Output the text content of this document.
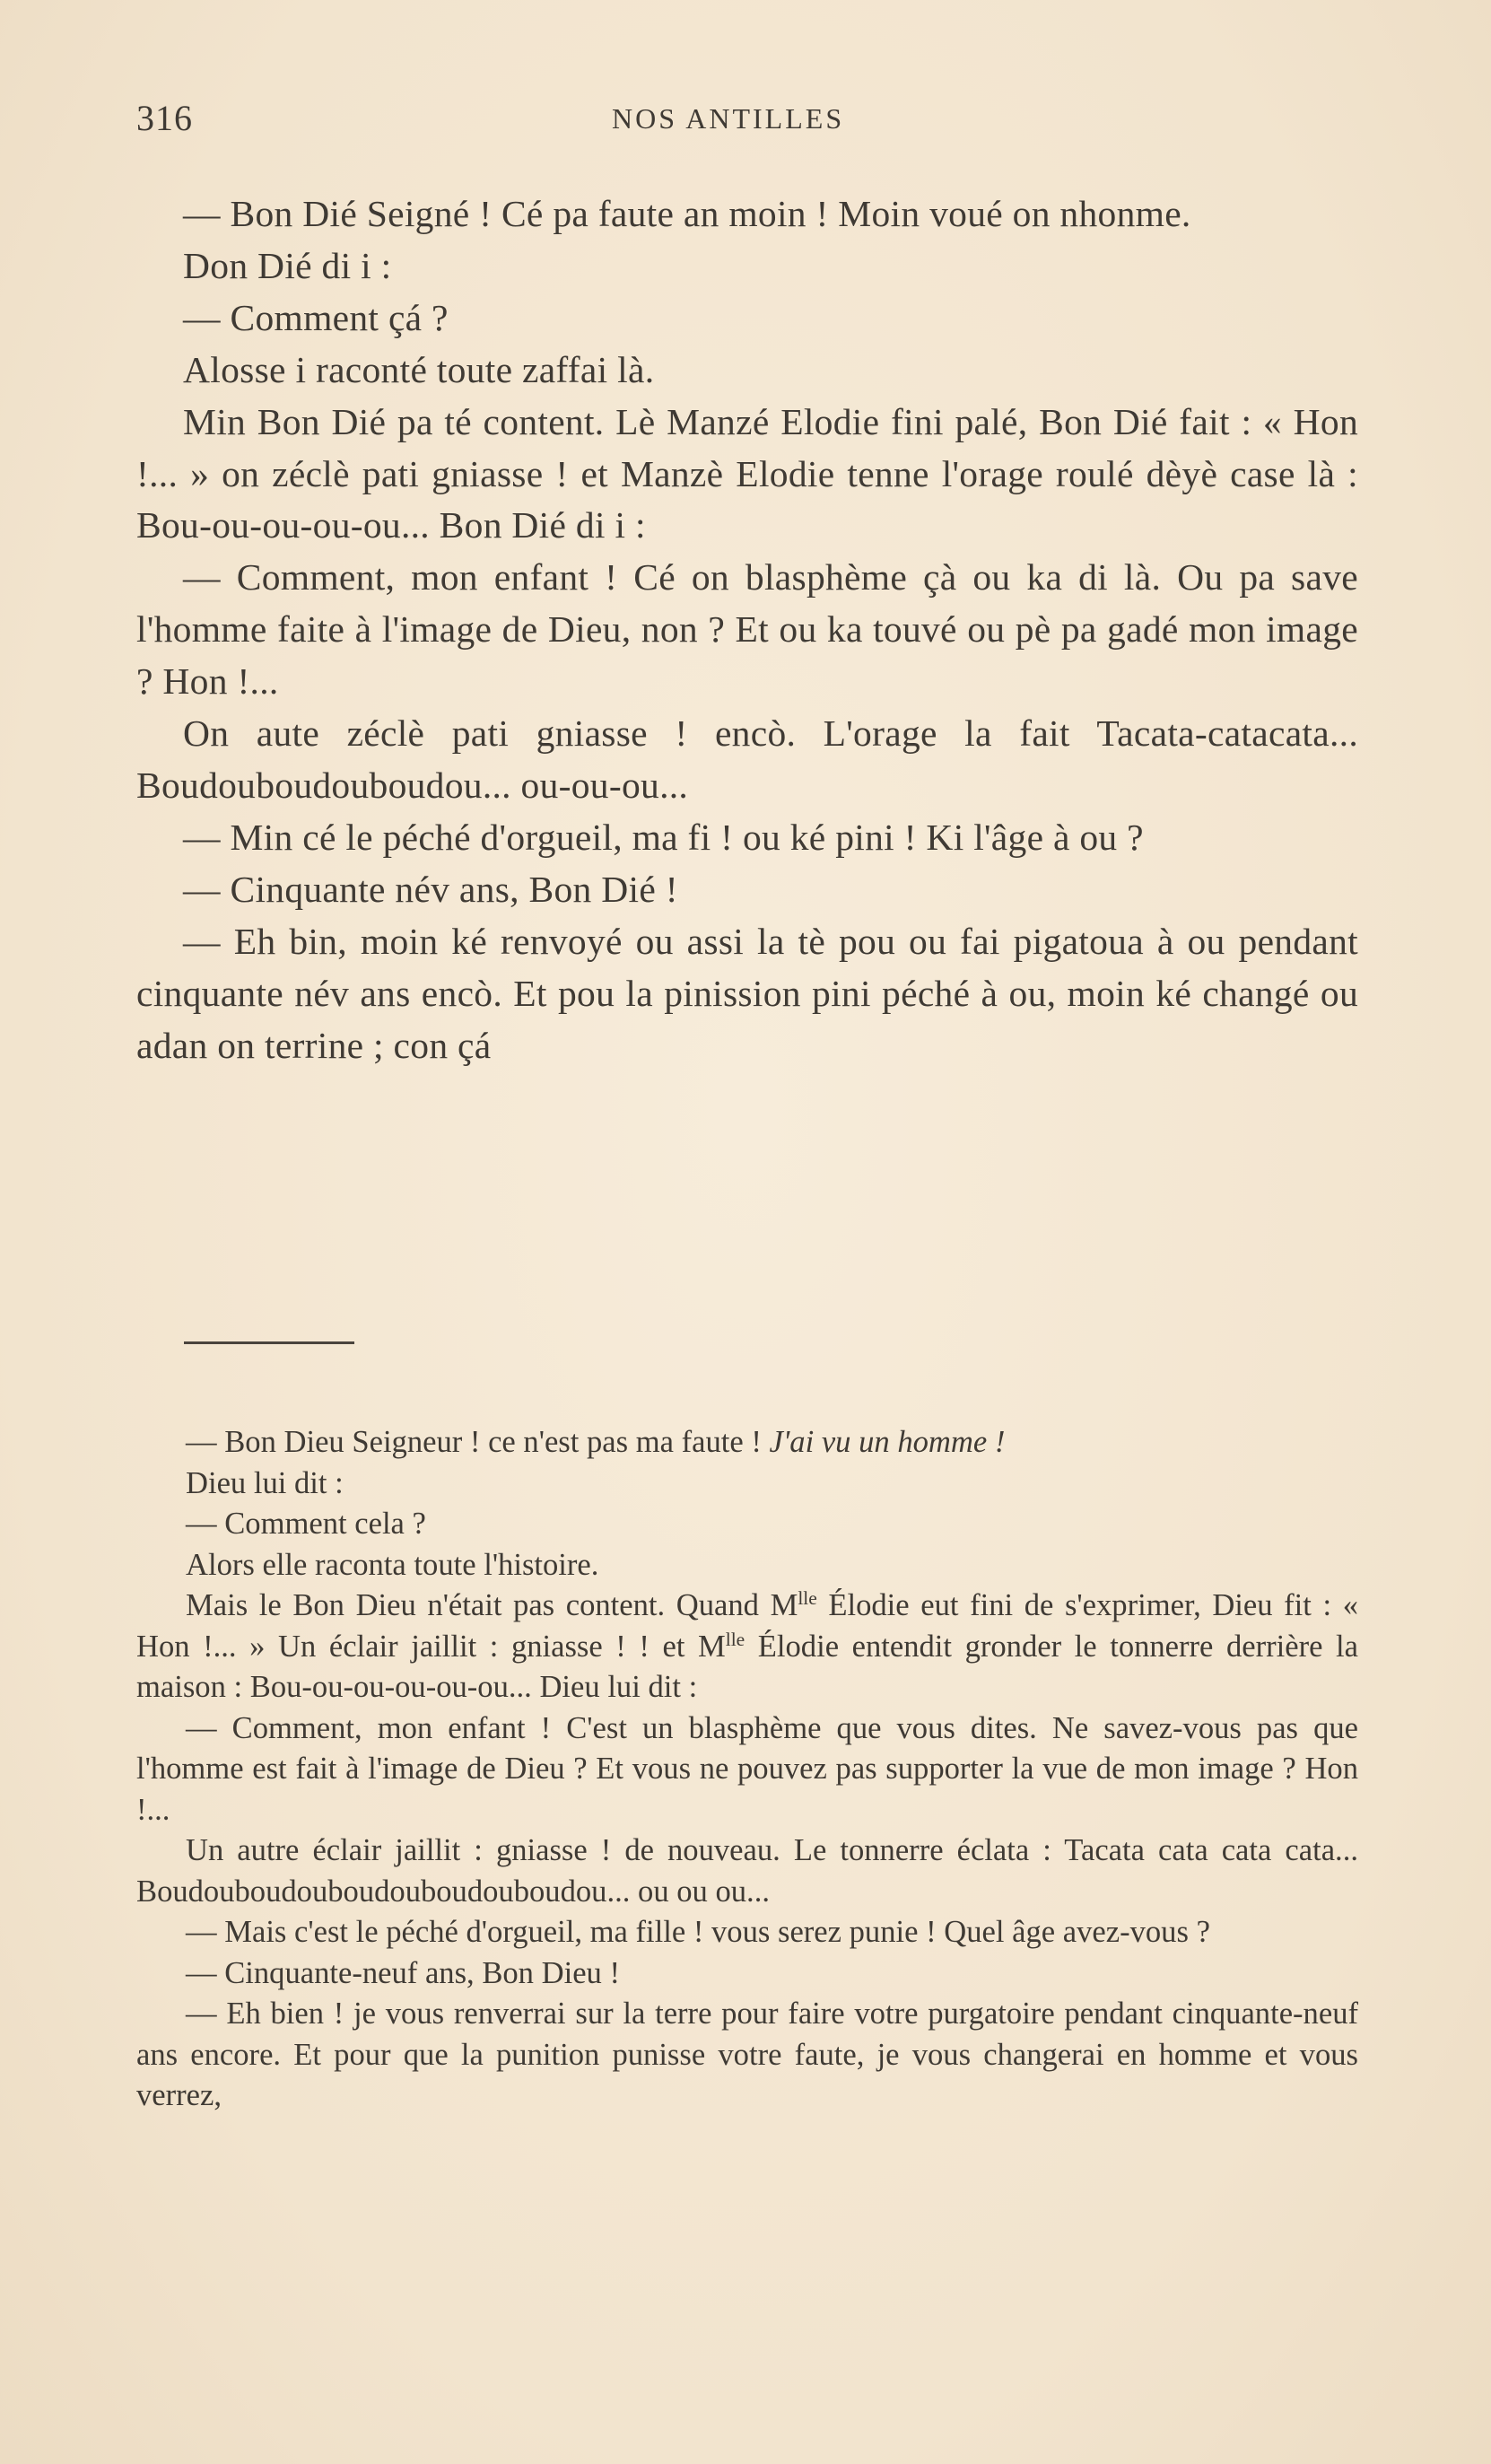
316	NOS ANTILLES

— Bon Dié Seigné ! Cé pa faute an moin ! Moin voué on nhonme.

Don Dié di i :

— Comment çá ?

Alosse i raconté toute zaffai là.

Min Bon Dié pa té content. Lè Manzé Elodie fini palé, Bon Dié fait : « Hon !... » on zéclè pati gniasse ! et Manzè Elodie tenne l'orage roulé dèyè case là : Bou-ou-ou-ou-ou... Bon Dié di i :

— Comment, mon enfant ! Cé on blasphème çà ou ka di là. Ou pa save l'homme faite à l'image de Dieu, non ? Et ou ka touvé ou pè pa gadé mon image ? Hon !...

On aute zéclè pati gniasse ! encò. L'orage la fait Tacata-catacata... Boudouboudouboudou... ou-ou-ou...

— Min cé le péché d'orgueil, ma fi ! ou ké pini ! Ki l'âge à ou ?

— Cinquante név ans, Bon Dié !

— Eh bin, moin ké renvoyé ou assi la tè pou ou fai pigatoua à ou pendant cinquante név ans encò. Et pou la pinission pini péché à ou, moin ké changé ou adan on terrine ; con çá

— Bon Dieu Seigneur ! ce n'est pas ma faute ! J'ai vu un homme !

Dieu lui dit :

— Comment cela ?

Alors elle raconta toute l'histoire.

Mais le Bon Dieu n'était pas content. Quand $M^{lle}$ Élodie eut fini de s'exprimer, Dieu fit : « Hon !... » Un éclair jaillit : gniasse ! ! et $M^{lle}$ Élodie entendit gronder le tonnerre derrière la maison : Bou-ou-ou-ou-ou-ou... Dieu lui dit :

— Comment, mon enfant ! C'est un blasphème que vous dites. Ne savez-vous pas que l'homme est fait à l'image de Dieu ? Et vous ne pouvez pas supporter la vue de mon image ? Hon !...

Un autre éclair jaillit : gniasse ! de nouveau. Le tonnerre éclata : Tacata cata cata cata... Boudouboudouboudouboudouboudou... ou ou ou...

— Mais c'est le péché d'orgueil, ma fille ! vous serez punie ! Quel âge avez-vous ?

— Cinquante-neuf ans, Bon Dieu !

— Eh bien ! je vous renverrai sur la terre pour faire votre purgatoire pendant cinquante-neuf ans encore. Et pour que la punition punisse votre faute, je vous changerai en homme et vous verrez,
